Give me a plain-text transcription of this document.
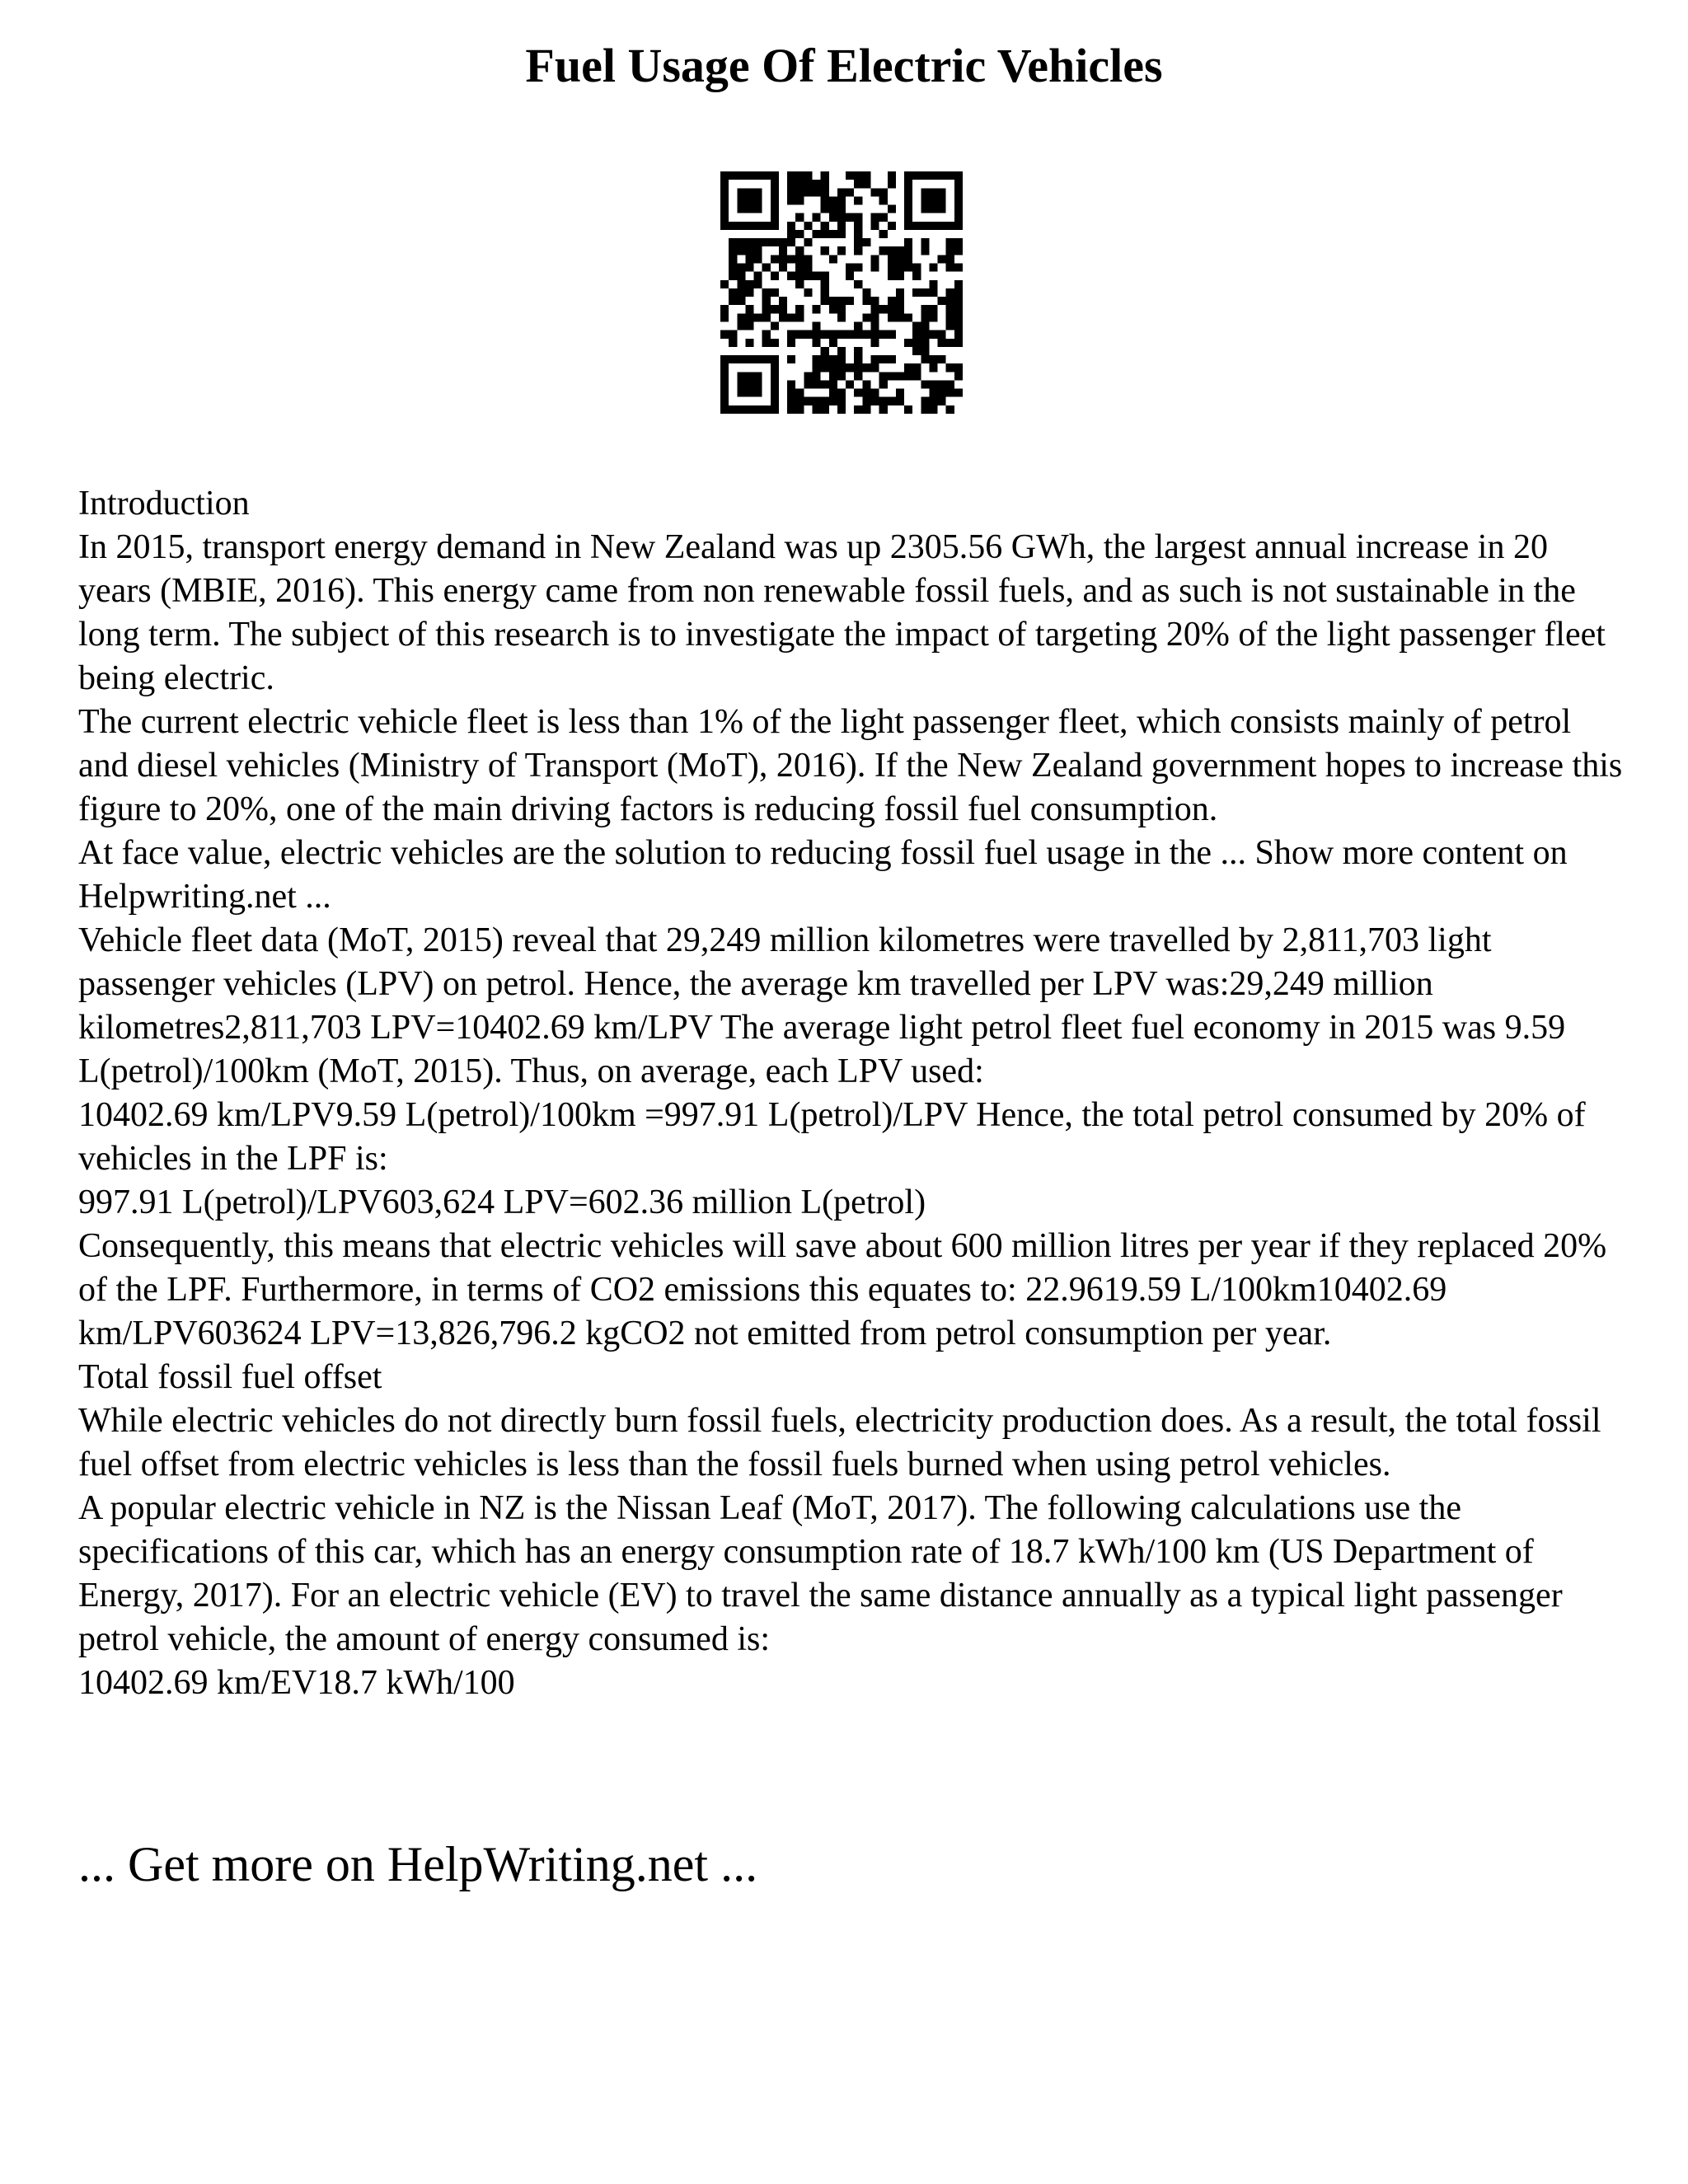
Fuel Usage Of Electric Vehicles

Introduction

In 2015, transport energy demand in New Zealand was up 2305.56 GWh, the largest annual increase in 20 years (MBIE, 2016). This energy came from non renewable fossil fuels, and as such is not sustainable in the long term. The subject of this research is to investigate the impact of targeting 20% of the light passenger fleet being electric.

The current electric vehicle fleet is less than 1% of the light passenger fleet, which consists mainly of petrol and diesel vehicles (Ministry of Transport (MoT), 2016). If the New Zealand government hopes to increase this figure to 20%, one of the main driving factors is reducing fossil fuel consumption.

At face value, electric vehicles are the solution to reducing fossil fuel usage in the ... Show more content on Helpwriting.net ...

Vehicle fleet data (MoT, 2015) reveal that 29,249 million kilometres were travelled by 2,811,703 light passenger vehicles (LPV) on petrol. Hence, the average km travelled per LPV was:29,249 million kilometres2,811,703 LPV=10402.69 km/LPV The average light petrol fleet fuel economy in 2015 was 9.59 L(petrol)/100km (MoT, 2015). Thus, on average, each LPV used:

10402.69 km/LPV9.59 L(petrol)/100km =997.91 L(petrol)/LPV Hence, the total petrol consumed by 20% of vehicles in the LPF is:

997.91 L(petrol)/LPV603,624 LPV=602.36 million L(petrol)

Consequently, this means that electric vehicles will save about 600 million litres per year if they replaced 20% of the LPF. Furthermore, in terms of CO2 emissions this equates to: 22.9619.59 L/100km10402.69 km/LPV603624 LPV=13,826,796.2 kgCO2 not emitted from petrol consumption per year.

Total fossil fuel offset

While electric vehicles do not directly burn fossil fuels, electricity production does. As a result, the total fossil fuel offset from electric vehicles is less than the fossil fuels burned when using petrol vehicles.

A popular electric vehicle in NZ is the Nissan Leaf (MoT, 2017). The following calculations use the specifications of this car, which has an energy consumption rate of 18.7 kWh/100 km (US Department of Energy, 2017). For an electric vehicle (EV) to travel the same distance annually as a typical light passenger petrol vehicle, the amount of energy consumed is:

10402.69 km/EV18.7 kWh/100

... Get more on HelpWriting.net ...
